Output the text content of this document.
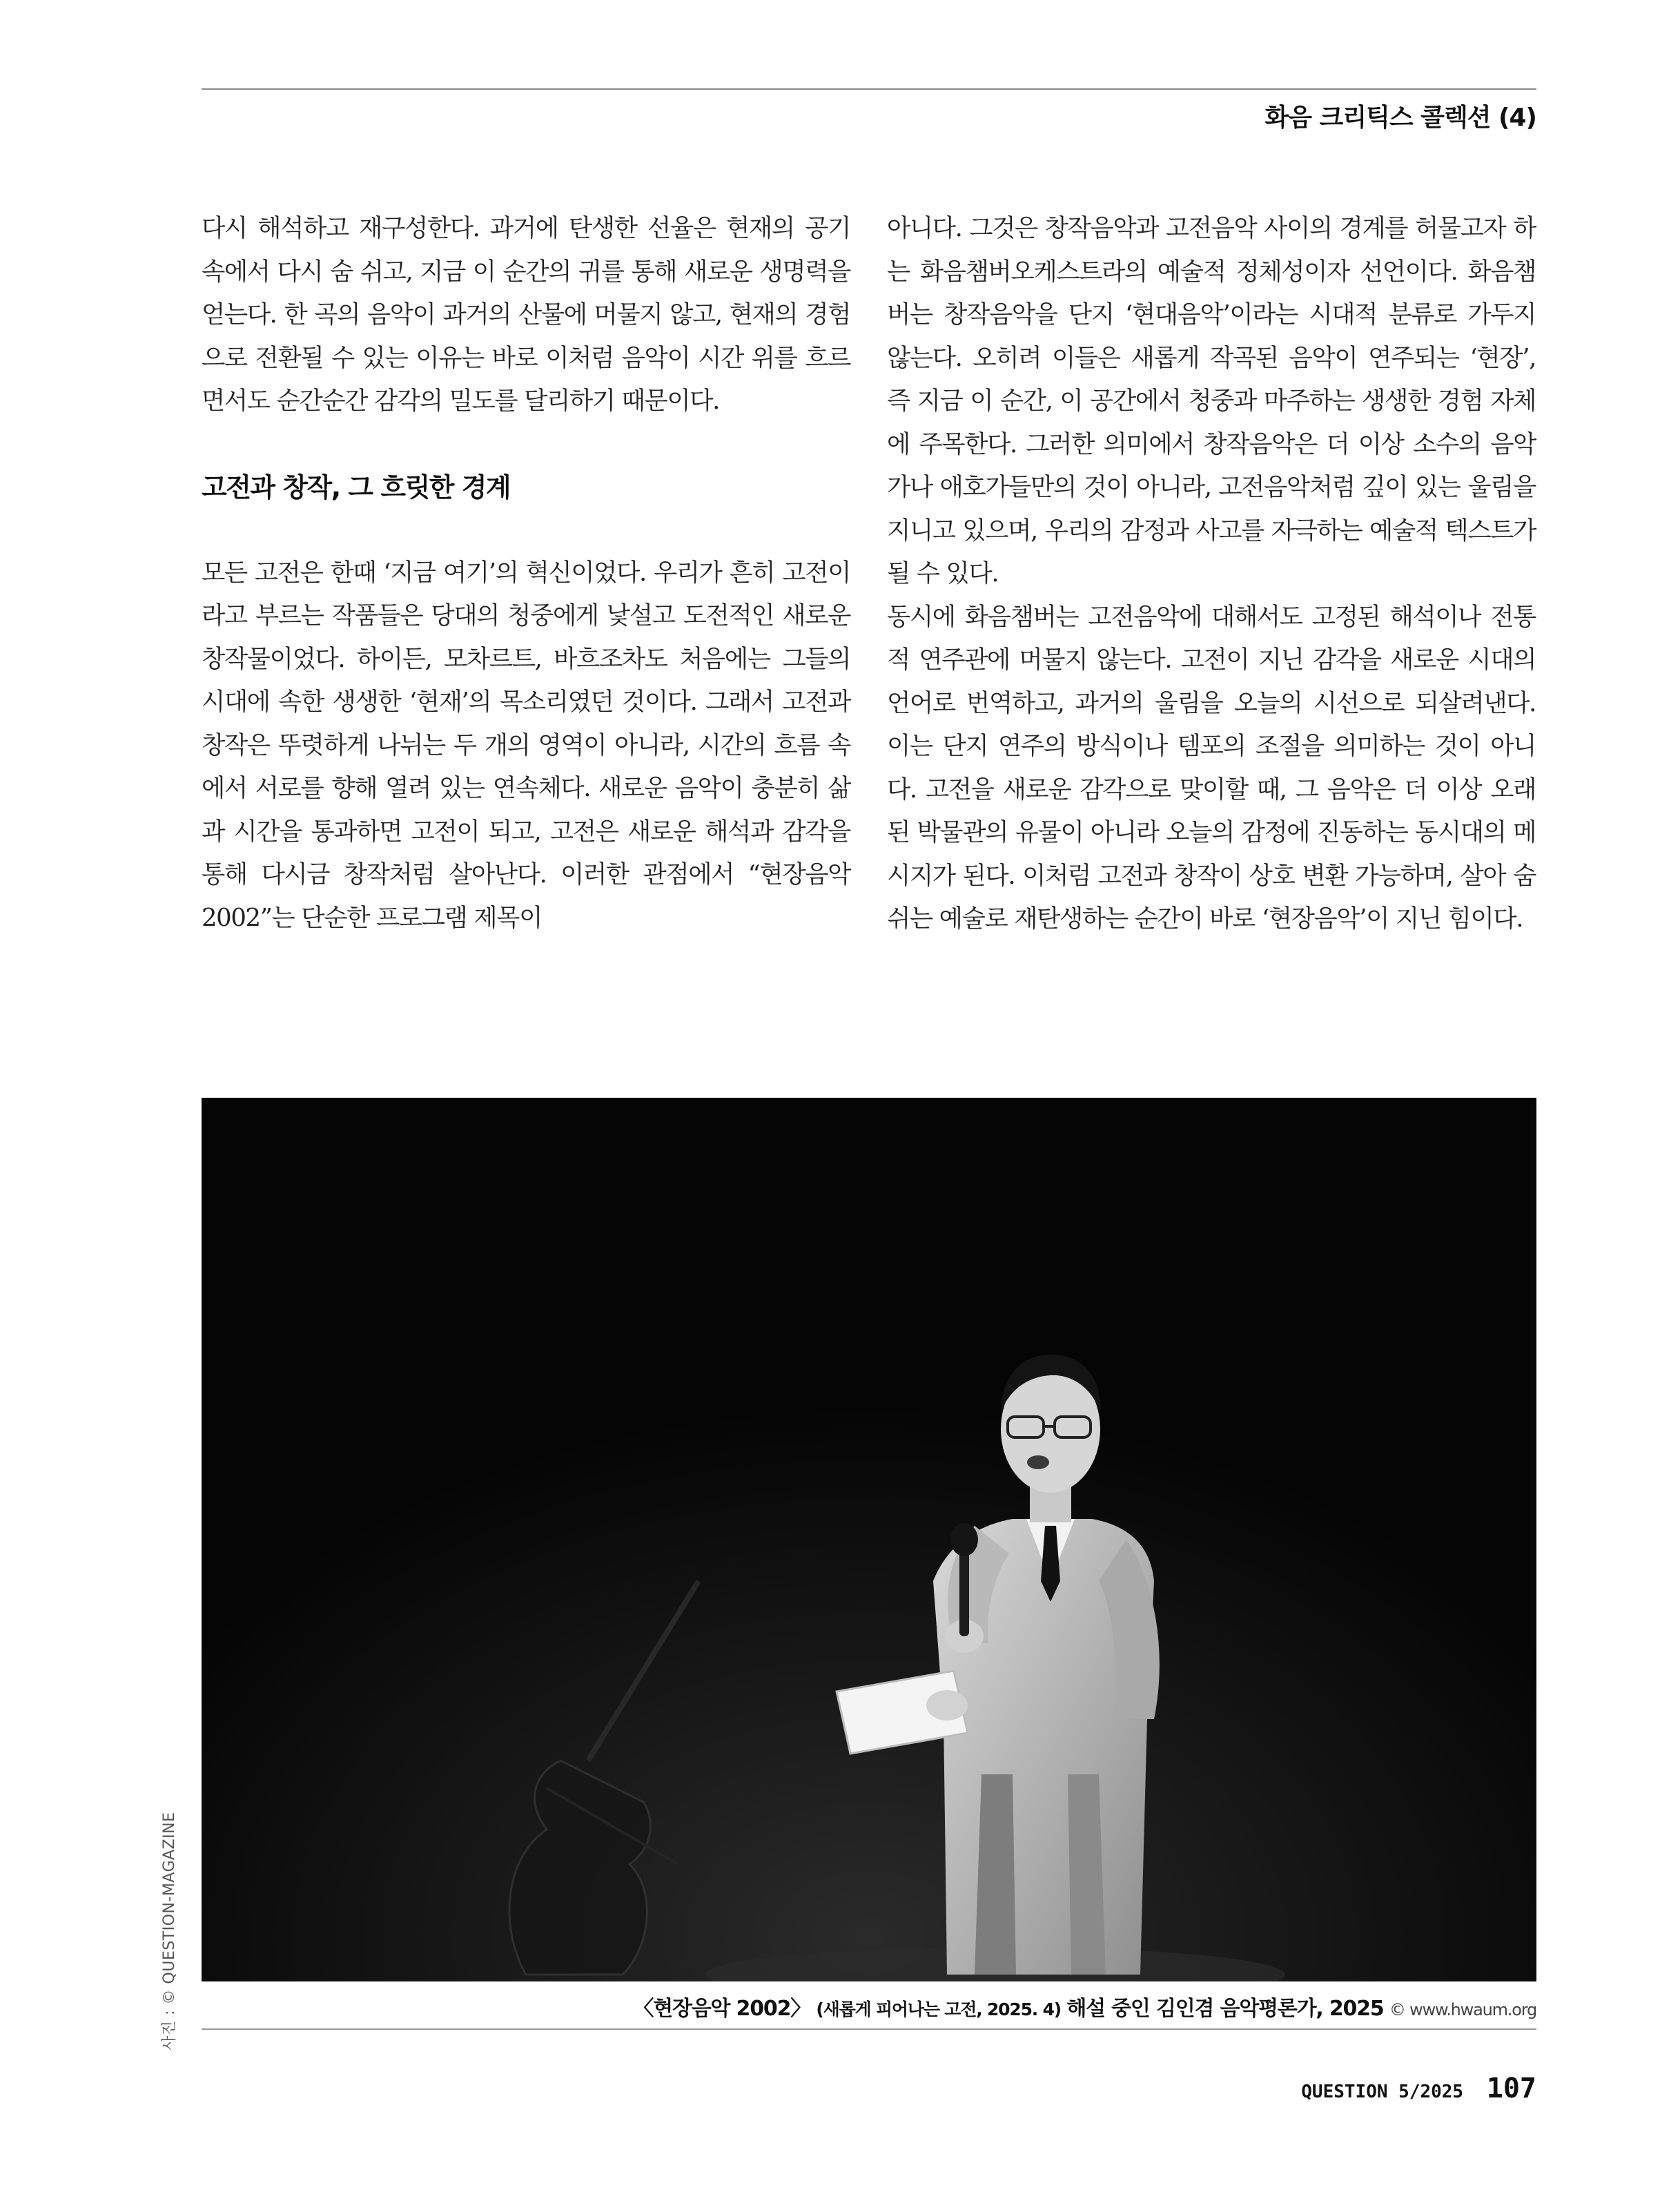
화음 크리틱스 콜렉션 (4)

다시 해석하고 재구성한다. 과거에 탄생한 선율은 현재의 공기 속에서 다시 숨 쉬고, 지금 이 순간의 귀를 통해 새로운 생명력을 얻는다. 한 곡의 음악이 과거의 산물에 머물지 않고, 현재의 경험으로 전환될 수 있는 이유는 바로 이처럼 음악이 시간 위를 흐르면서도 순간순간 감각의 밀도를 달리하기 때문이다.

고전과 창작, 그 흐릿한 경계

모든 고전은 한때 ‘지금 여기’의 혁신이었다. 우리가 흔히 고전이라고 부르는 작품들은 당대의 청중에게 낯설고 도전적인 새로운 창작물이었다. 하이든, 모차르트, 바흐조차도 처음에는 그들의 시대에 속한 생생한 ‘현재’의 목소리였던 것이다. 그래서 고전과 창작은 뚜렷하게 나뉘는 두 개의 영역이 아니라, 시간의 흐름 속에서 서로를 향해 열려 있는 연속체다. 새로운 음악이 충분히 삶과 시간을 통과하면 고전이 되고, 고전은 새로운 해석과 감각을 통해 다시금 창작처럼 살아난다. 이러한 관점에서 “현장음악2002”는 단순한 프로그램 제목이

아니다. 그것은 창작음악과 고전음악 사이의 경계를 허물고자 하는 화음챔버오케스트라의 예술적 정체성이자 선언이다. 화음챔버는 창작음악을 단지 ‘현대음악’이라는 시대적 분류로 가두지 않는다. 오히려 이들은 새롭게 작곡된 음악이 연주되는 ‘현장’, 즉 지금 이 순간, 이 공간에서 청중과 마주하는 생생한 경험 자체에 주목한다. 그러한 의미에서 창작음악은 더 이상 소수의 음악가나 애호가들만의 것이 아니라, 고전음악처럼 깊이 있는 울림을 지니고 있으며, 우리의 감정과 사고를 자극하는 예술적 텍스트가 될 수 있다.

동시에 화음챔버는 고전음악에 대해서도 고정된 해석이나 전통적 연주관에 머물지 않는다. 고전이 지닌 감각을 새로운 시대의 언어로 번역하고, 과거의 울림을 오늘의 시선으로 되살려낸다. 이는 단지 연주의 방식이나 템포의 조절을 의미하는 것이 아니다. 고전을 새로운 감각으로 맞이할 때, 그 음악은 더 이상 오래된 박물관의 유물이 아니라 오늘의 감정에 진동하는 동시대의 메시지가 된다. 이처럼 고전과 창작이 상호 변환 가능하며, 살아 숨 쉬는 예술로 재탄생하는 순간이 바로 ‘현장음악’이 지닌 힘이다.

〈현장음악 2002〉 (새롭게 피어나는 고전, 2025. 4) 해설 중인 김인겸 음악평론가, 2025 © www.hwaum.org
QUESTION 5/2025 107
사진 : © QUESTION-MAGAZINE
